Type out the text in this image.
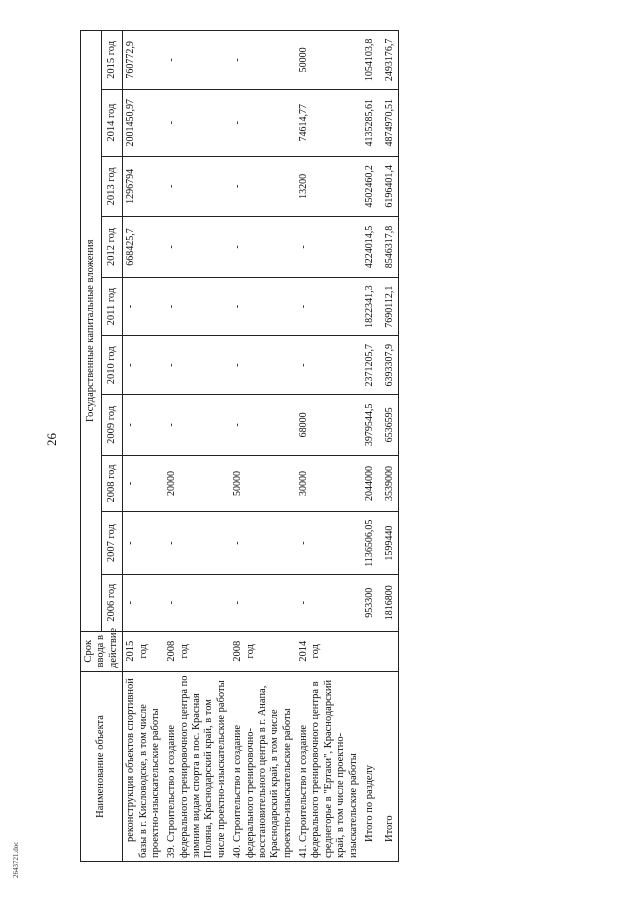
26
2643721.doc
Наименование объекта	Срок ввода в действие	Государственные капитальные вложения									
		2006 год	2007 год	2008 год	2009 год	2010 год	2011 год	2012 год	2013 год	2014 год	2015 год
реконструкция объектов спортивной базы в г. Кисловодске, в том числе проектно-изыскательские работы	2015 год	-	-	-	-	-	-	668425,7	1296794	2001450,97	760772,9
39.Строительство и создание федерального тренировочного центра по зимним видам спорта в пос. Красная Поляна, Краснодарский край, в том числе проектно-изыскательские работы	2008 год	-	-	20000	-	-	-	-	-	-	-
40.Строительство и создание федерального тренировочно-восстановительного центра в г. Анапа, Краснодарский край, в том числе проектно-изыскательские работы	2008 год	-	-	50000	-	-	-	-	-	-	-
41.Строительство и создание федерального тренировочного центра в среднегорье в "Ертаки", Краснодарский край, в том числе проектно-изыскательские работы	2014 год	-	-	30000	68000	-	-	-	13200	74614,77	50000
Итого по разделу		953300	1136506,05	2044000	3979544,5	2371205,7	1822341,3	4224014,5	4502460,2	4135285,61	1054103,8
Итого		1816800	1599440	3539000	6536595	6393307,9	7690112,1	8546317,8	6196401,4	4874970,51	2493176,7
